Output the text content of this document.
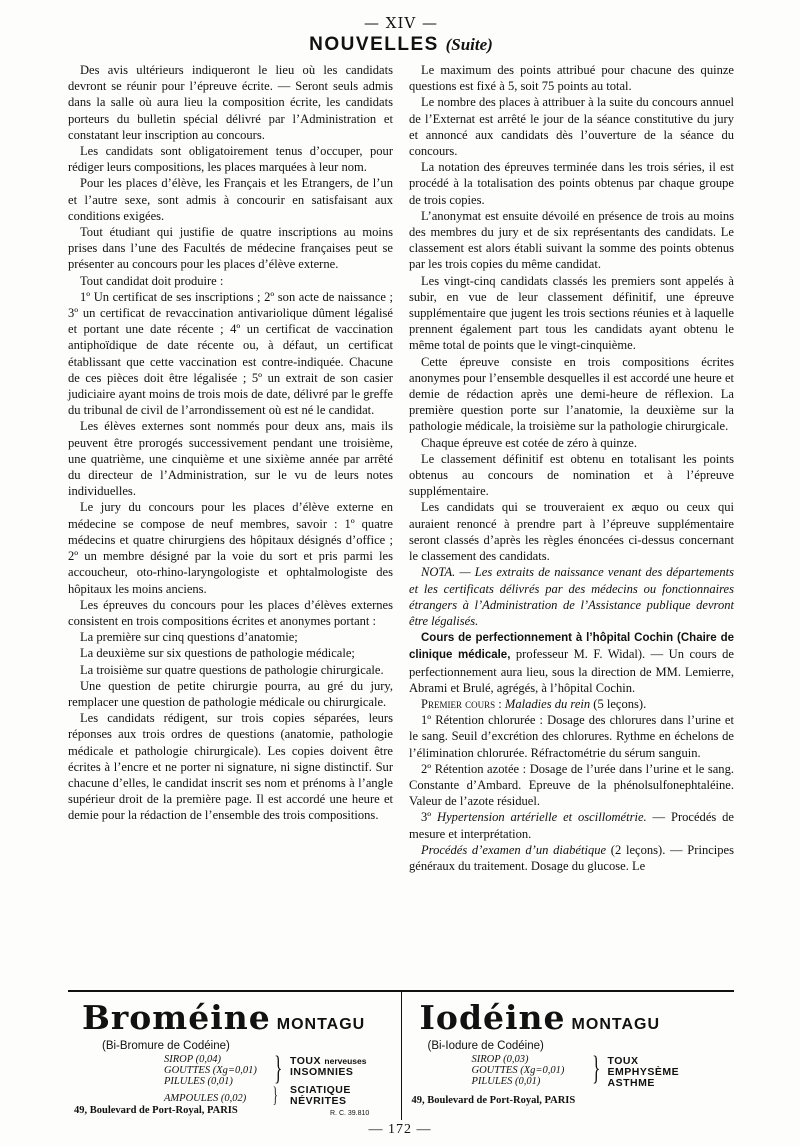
— XIV —
NOUVELLES (Suite)

Des avis ultérieurs indiqueront le lieu où les candidats devront se réunir pour l’épreuve écrite. — Seront seuls admis dans la salle où aura lieu la composition écrite, les candidats porteurs du bulletin spécial délivré par l’Administration et constatant leur inscription au concours.

Les candidats sont obligatoirement tenus d’occuper, pour rédiger leurs compositions, les places marquées à leur nom.

Pour les places d’élève, les Français et les Etrangers, de l’un et l’autre sexe, sont admis à concourir en satisfaisant aux conditions exigées.

Tout étudiant qui justifie de quatre inscriptions au moins prises dans l’une des Facultés de médecine françaises peut se présenter au concours pour les places d’élève externe.

Tout candidat doit produire :

1º Un certificat de ses inscriptions ; 2º son acte de naissance ; 3º un certificat de revaccination antivariolique dûment légalisé et portant une date récente ; 4º un certificat de vaccination antiphoïdique de date récente ou, à défaut, un certificat établissant que cette vaccination est contre-indiquée. Chacune de ces pièces doit être légalisée ; 5º un extrait de son casier judiciaire ayant moins de trois mois de date, délivré par le greffe du tribunal de civil de l’arrondissement où est né le candidat.

Les élèves externes sont nommés pour deux ans, mais ils peuvent être prorogés successivement pendant une troisième, une quatrième, une cinquième et une sixième année par arrêté du directeur de l’Administration, sur le vu de leurs notes individuelles.

Le jury du concours pour les places d’élève externe en médecine se compose de neuf membres, savoir : 1º quatre médecins et quatre chirurgiens des hôpitaux désignés d’office ; 2º un membre désigné par la voie du sort et pris parmi les accoucheur, oto-rhino-laryngologiste et ophtalmologiste des hôpitaux les moins anciens.

Les épreuves du concours pour les places d’élèves externes consistent en trois compositions écrites et anonymes portant :

La première sur cinq questions d’anatomie;

La deuxième sur six questions de pathologie médicale;

La troisième sur quatre questions de pathologie chirurgicale.

Une question de petite chirurgie pourra, au gré du jury, remplacer une question de pathologie médicale ou chirurgicale.

Les candidats rédigent, sur trois copies séparées, leurs réponses aux trois ordres de questions (anatomie, pathologie médicale et pathologie chirurgicale). Les copies doivent être écrites à l’encre et ne porter ni signature, ni signe distinctif. Sur chacune d’elles, le candidat inscrit ses nom et prénoms à l’angle supérieur droit de la première page. Il est accordé une heure et demie pour la rédaction de l’ensemble des trois compositions.

Le maximum des points attribué pour chacune des quinze questions est fixé à 5, soit 75 points au total.

Le nombre des places à attribuer à la suite du concours annuel de l’Externat est arrêté le jour de la séance constitutive du jury et annoncé aux candidats dès l’ouverture de la séance du concours.

La notation des épreuves terminée dans les trois séries, il est procédé à la totalisation des points obtenus par chaque groupe de trois copies.

L’anonymat est ensuite dévoilé en présence de trois au moins des membres du jury et de six représentants des candidats. Le classement est alors établi suivant la somme des points obtenus par les trois copies du même candidat.

Les vingt-cinq candidats classés les premiers sont appelés à subir, en vue de leur classement définitif, une épreuve supplémentaire que jugent les trois sections réunies et à laquelle prennent également part tous les candidats ayant obtenu le même total de points que le vingt-cinquième.

Cette épreuve consiste en trois compositions écrites anonymes pour l’ensemble desquelles il est accordé une heure et demie de rédaction après une demi-heure de réflexion. La première question porte sur l’anatomie, la deuxième sur la pathologie médicale, la troisième sur la pathologie chirurgicale.

Chaque épreuve est cotée de zéro à quinze.

Le classement définitif est obtenu en totalisant les points obtenus au concours de nomination et à l’épreuve supplémentaire.

Les candidats qui se trouveraient ex æquo ou ceux qui auraient renoncé à prendre part à l’épreuve supplémentaire seront classés d’après les règles énoncées ci-dessus concernant le classement des candidats.

NOTA. — Les extraits de naissance venant des départements et les certificats délivrés par des médecins ou fonctionnaires étrangers à l’Administration de l’Assistance publique devront être légalisés.

Cours de perfectionnement à l’hôpital Cochin (Chaire de clinique médicale, professeur M. F. Widal). — Un cours de perfectionnement aura lieu, sous la direction de MM. Lemierre, Abrami et Brulé, agrégés, à l’hôpital Cochin.

Premier cours : Maladies du rein (5 leçons).

1º Rétention chlorurée : Dosage des chlorures dans l’urine et le sang. Seuil d’excrétion des chlorures. Rythme en échelons de l’élimination chlorurée. Réfractométrie du sérum sanguin.

2º Rétention azotée : Dosage de l’urée dans l’urine et le sang. Constante d’Ambard. Epreuve de la phénolsulfonephtaléine. Valeur de l’azote résiduel.

3º Hypertension artérielle et oscillométrie. — Procédés de mesure et interprétation.

Procédés d’examen d’un diabétique (2 leçons). — Principes généraux du traitement. Dosage du glucose. Le

Broméine MONTAGU
(Bi-Bromure de Codéine)
SIROP (0,04)
GOUTTES (Xg=0,01)
PILULES (0,01)
AMPOULES (0,02)
}
}
TOUX nerveuses
INSOMNIES
SCIATIQUE
NÉVRITES
49, Boulevard de Port-Royal, PARIS	R. C. 39.810
Iodéine MONTAGU
(Bi-Iodure de Codéine)
SIROP (0,03)
GOUTTES (Xg=0,01)
PILULES (0,01)	} TOUX
EMPHYSÈME
ASTHME
49, Boulevard de Port-Royal, PARIS
— 172 —
